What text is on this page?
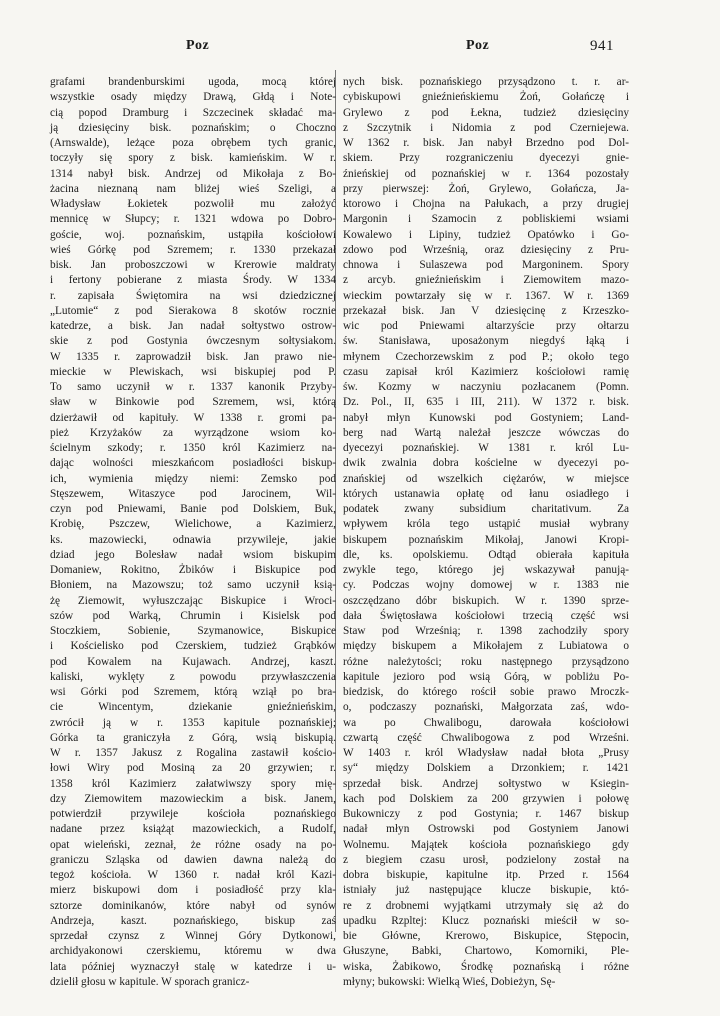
Poz	Poz	941
grafami brandenburskimi ugoda, mocą której
wszystkie osady między Drawą, Głdą i Note-
cią popod Dramburg i Szczecinek składać ma-
ją dziesięciny bisk. poznańskim; o Choczno
(Arnswalde), leżące poza obrębem tych granic,
toczyły się spory z bisk. kamieńskim. W r.
1314 nabył bisk. Andrzej od Mikołaja z Bo-
żacina nieznaną nam bliżej wieś Szeligi, a
Władysław Łokietek pozwolił mu założyć
mennicę w Słupcy; r. 1321 wdowa po Dobro-
goście, woj. poznańskim, ustąpiła kościołowi
wieś Górkę pod Szremem; r. 1330 przekazał
bisk. Jan proboszczowi w Krerowie maldraty
i fertony pobierane z miasta Środy. W 1334
r. zapisała Świętomira na wsi dziedzicznej
„Lutomie“ z pod Sierakowa 8 skotów rocznie
katedrze, a bisk. Jan nadał sołtystwo ostrow-
skie z pod Gostynia ówczesnym sołtysiakom.
W 1335 r. zaprowadził bisk. Jan prawo nie-
mieckie w Plewiskach, wsi biskupiej pod P.
To samo uczynił w r. 1337 kanonik Przyby-
sław w Binkowie pod Szremem, wsi, którą
dzierżawił od kapituły. W 1338 r. gromi pa-
pież Krzyżaków za wyrządzone wsiom ko-
ścielnym szkody; r. 1350 król Kazimierz na-
dając wolności mieszkańcom posiadłości biskup-
ich, wymienia między niemi: Zemsko pod
Stęszewem, Witaszyce pod Jarocinem, Wil-
czyn pod Pniewami, Banie pod Dolskiem, Buk,
Krobię, Pszczew, Wielichowe, a Kazimierz,
ks. mazowiecki, odnawia przywileje, jakie
dziad jego Bolesław nadał wsiom biskupim
Domaniew, Rokitno, Żbików i Biskupice pod
Błoniem, na Mazowszu; toż samo uczynił ksią-
żę Ziemowit, wyłuszczając Biskupice i Wroci-
szów pod Warką, Chrumin i Kisielsk pod
Stoczkiem, Sobienie, Szymanowice, Biskupice
i Kościelisko pod Czerskiem, tudzież Grąbków
pod Kowalem na Kujawach. Andrzej, kaszt.
kaliski, wyklęty z powodu przywłaszczenia
wsi Górki pod Szremem, którą wziął po bra-
cie Wincentym, dziekanie gnieźnieńskim,
zwrócił ją w r. 1353 kapitule poznańskiej;
Górka ta graniczyła z Górą, wsią biskupią.
W r. 1357 Jakusz z Rogalina zastawił kościo-
łowi Wiry pod Mosiną za 20 grzywien; r.
1358 król Kazimierz załatwiwszy spory mię-
dzy Ziemowitem mazowieckim a bisk. Janem,
potwierdził przywileje kościoła poznańskiego
nadane przez książąt mazowieckich, a Rudolf,
opat wieleński, zeznał, że różne osady na po-
graniczu Szląska od dawien dawna należą do
tegoż kościoła. W 1360 r. nadał król Kazi-
mierz biskupowi dom i posiadłość przy kla-
sztorze dominikanów, które nabył od synów
Andrzeja, kaszt. poznańskiego, biskup zaś
sprzedał czynsz z Winnej Góry Dytkonowi,
archidyakonowi czerskiemu, któremu w dwa
lata później wyznaczył stalę w katedrze i u-
dzielił głosu w kapitule. W sporach granicz-
nych bisk. poznańskiego przysądzono t. r. ar-
cybiskupowi gnieźnieńskiemu Żoń, Gołańczę i
Grylewo z pod Łekna, tudzież dziesięciny
z Szczytnik i Nidomia z pod Czerniejewa.
W 1362 r. bisk. Jan nabył Brzedno pod Dol-
skiem. Przy rozgraniczeniu dyecezyi gnie-
źnieńskiej od poznańskiej w r. 1364 pozostały
przy pierwszej: Żoń, Grylewo, Gołańcza, Ja-
ktorowo i Chojna na Pałukach, a przy drugiej
Margonin i Szamocin z pobliskiemi wsiami
Kowalewo i Lipiny, tudzież Opatówko i Go-
zdowo pod Wrześnią, oraz dziesięciny z Pru-
chnowa i Sulaszewa pod Margoninem. Spory
z arcyb. gnieźnieńskim i Ziemowitem mazo-
wieckim powtarzały się w r. 1367. W r. 1369
przekazał bisk. Jan V dziesięcinę z Krzeszko-
wic pod Pniewami altarzyście przy ołtarzu
św. Stanisława, uposażonym niegdyś łąką i
młynem Czechorzewskim z pod P.; około tego
czasu zapisał król Kazimierz kościołowi ramię
św. Kozmy w naczyniu pozłacanem (Pomn.
Dz. Pol., II, 635 i III, 211). W 1372 r. bisk.
nabył młyn Kunowski pod Gostyniem; Land-
berg nad Wartą należał jeszcze wówczas do
dyecezyi poznańskiej. W 1381 r. król Lu-
dwik zwalnia dobra kościelne w dyecezyi po-
znańskiej od wszelkich ciężarów, w miejsce
których ustanawia opłatę od łanu osiadłego i
podatek zwany subsidium charitativum. Za
wpływem króla tego ustąpić musiał wybrany
biskupem poznańskim Mikołaj, Janowi Kropi-
dle, ks. opolskiemu. Odtąd obierała kapituła
zwykle tego, którego jej wskazywał panują-
cy. Podczas wojny domowej w r. 1383 nie
oszczędzano dóbr biskupich. W r. 1390 sprze-
dała Świętosława kościołowi trzecią część wsi
Staw pod Wrześnią; r. 1398 zachodziły spory
między biskupem a Mikołajem z Lubiatowa o
różne należytości; roku następnego przysądzono
kapitule jezioro pod wsią Górą, w pobliżu Po-
biedzisk, do którego rościł sobie prawo Mroczk-
o, podczaszy poznański, Małgorzata zaś, wdo-
wa po Chwalibogu, darowała kościołowi
czwartą część Chwalibogowa z pod Wrześni.
W 1403 r. król Władysław nadał błota „Prusy
sy“ między Dolskiem a Drzonkiem; r. 1421
sprzedał bisk. Andrzej sołtystwo w Ksiegin-
kach pod Dolskiem za 200 grzywien i połowę
Bukowniczy z pod Gostynia; r. 1467 biskup
nadał młyn Ostrowski pod Gostyniem Janowi
Wolnemu. Majątek kościoła poznańskiego gdy
z biegiem czasu urosł, podzielony został na
dobra biskupie, kapitulne itp. Przed r. 1564
istniały już następujące klucze biskupie, któ-
re z drobnemi wyjątkami utrzymały się aż do
upadku Rzpltej: Klucz poznański mieścił w so-
bie Główne, Krerowo, Biskupice, Stępocin,
Głuszyne, Babki, Chartowo, Komorniki, Ple-
wiska, Żabikowo, Środkę poznańską i różne
młyny; bukowski: Wielką Wieś, Dobieżyn, Sę-
